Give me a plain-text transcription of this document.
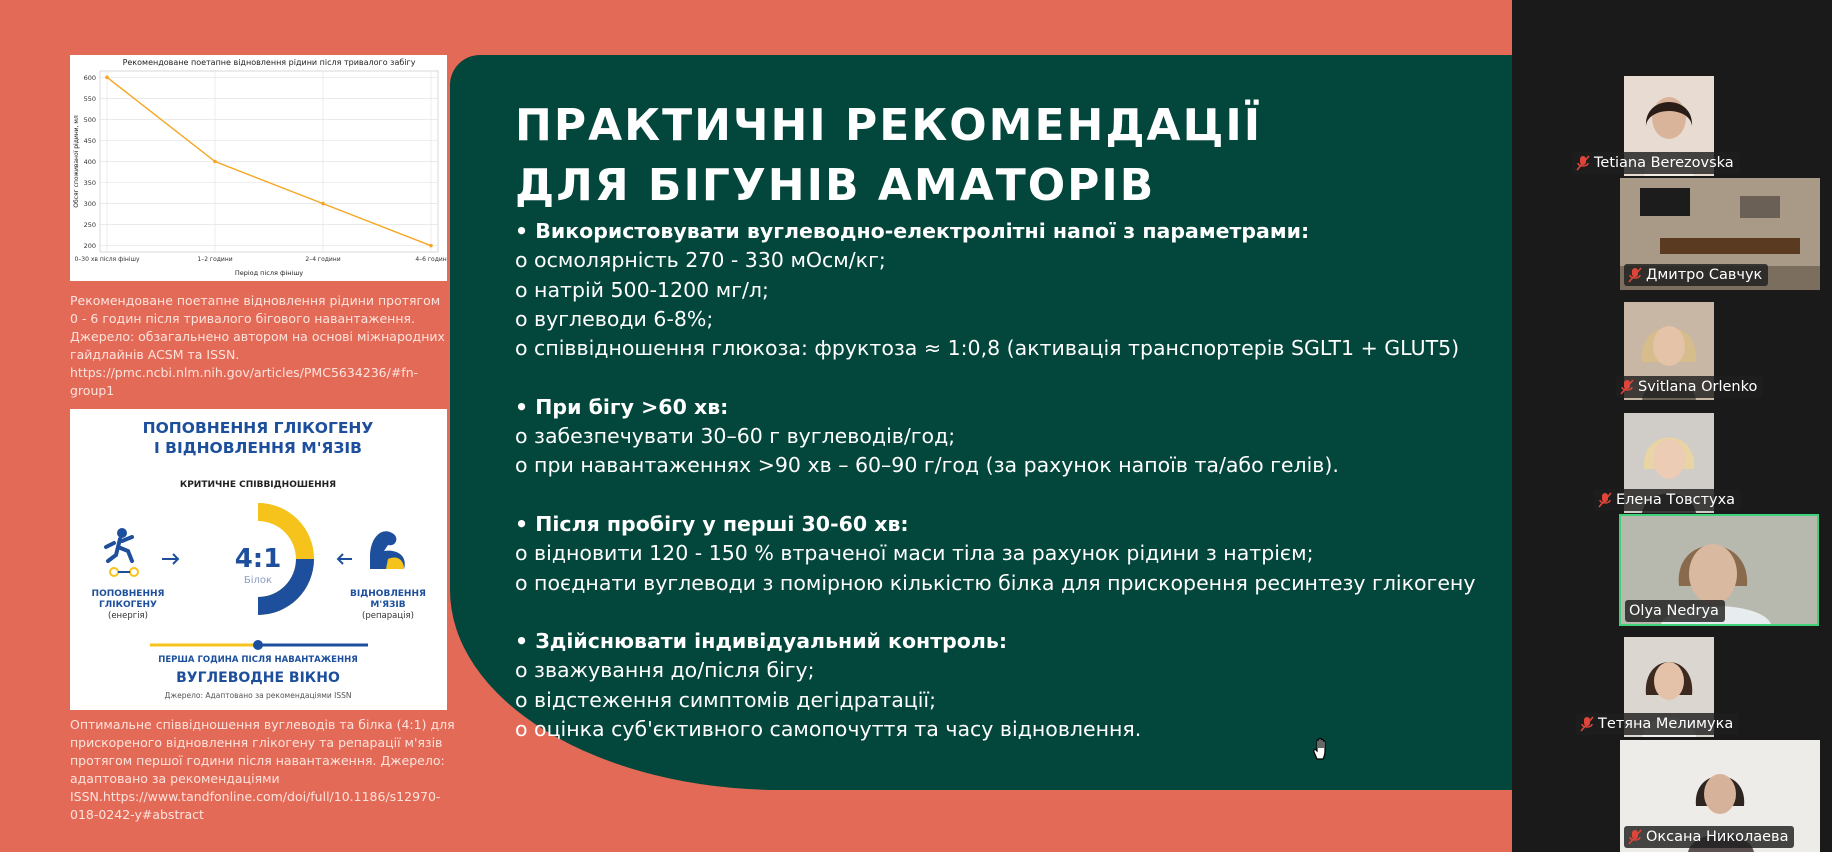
200
250
300
350
400
450
500
550
600
0–30 хв після фінішу	1–2 години	2–4 години	4–6 годин
Рекомендоване поетапне відновлення рідини після тривалого забігу
Період після фінішу
Обсяг споживаної рідини, мл
Рекомендоване поетапне відновлення рідини протягом
0 - 6 годин після тривалого бігового навантаження.
Джерело: обзагальнено автором на основі міжнародних
гайдлайнів ACSM та ISSN.
https://pmc.ncbi.nlm.nih.gov/articles/PMC5634236/#fn-
group1
ПОПОВНЕННЯ ГЛІКОГЕНУ
І ВІДНОВЛЕННЯ М'ЯЗІВ
КРИТИЧНЕ СПІВВІДНОШЕННЯ
4:1
Білок
ПОПОВНЕННЯ
ГЛІКОГЕНУ
(енергія)
ВІДНОВЛЕННЯ
М'ЯЗІВ
(репарація)
ПЕРША ГОДИНА ПІСЛЯ НАВАНТАЖЕННЯ
ВУГЛЕВОДНЕ ВІКНО
Джерело: Адаптовано за рекомендаціями ISSN
Оптимальне співвідношення вуглеводів та білка (4:1) для
прискореного відновлення глікогену та репарації м'язів
протягом першої години після навантаження. Джерело:
адаптовано за рекомендаціями
ISSN.https://www.tandfonline.com/doi/full/10.1186/s12970-
018-0242-y#abstract
ПРАКТИЧНІ РЕКОМЕНДАЦІЇ
ДЛЯ БІГУНІВ АМАТОРІВ
• Використовувати вуглеводно-електролітні напої з параметрами:
o осмолярність 270 - 330 мОсм/кг;
o натрій 500-1200 мг/л;
o вуглеводи 6-8%;
o співвідношення глюкоза: фруктоза ≈ 1:0,8 (активація транспортерів SGLT1 + GLUT5)
• При бігу >60 хв:
o забезпечувати 30–60 г вуглеводів/год;
o при навантаженнях >90 хв – 60–90 г/год (за рахунок напоїв та/або гелів).
• Після пробігу у перші 30-60 хв:
o відновити 120 - 150 % втраченої маси тіла за рахунок рідини з натрієм;
o поєднати вуглеводи з помірною кількістю білка для прискорення ресинтезу глікогену
• Здійснювати індивідуальний контроль:
o зважування до/після бігу;
o відстеження симптомів дегідратації;
o оцінка суб'єктивного самопочуття та часу відновлення.
Tetiana Berezovska
Дмитро Савчук
Svitlana Orlenko
Елена Товстуха
Olya Nedrya
Тетяна Мелимука
Оксана Николаева
